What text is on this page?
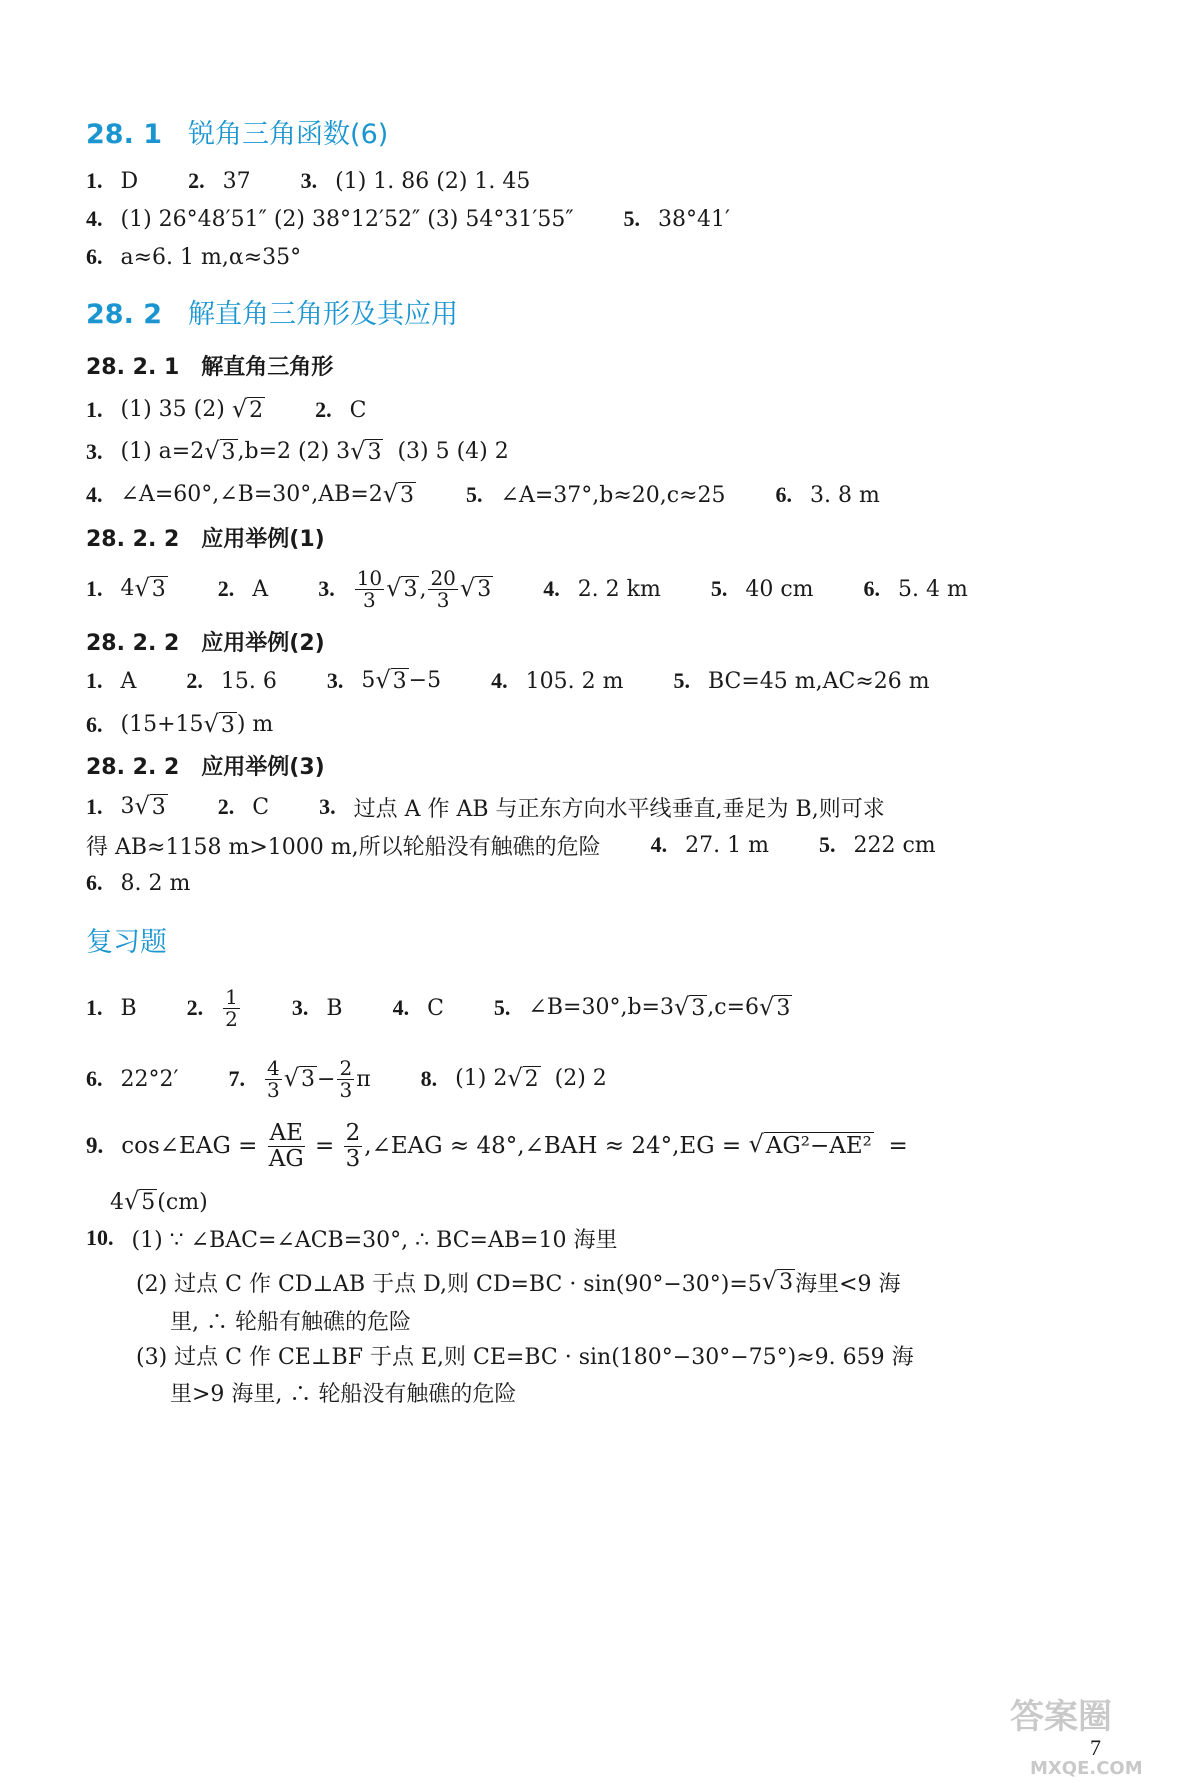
28. 1 锐角三角函数(6)
1. D 2. 37 3. (1) 1. 86 (2) 1. 45
4. (1) 26°48′51″ (2) 38°12′52″ (3) 54°31′55″ 5. 38°41′
6. a≈6. 1 m,α≈35°
28. 2 解直角三角形及其应用
28. 2. 1 解直角三角形
1. (1) 35 (2)
√ 2 2. C
3. (1) a=2 √ 3 ,b=2 (2) 3 √ 3
(3) 5 (4) 2
4. ∠A=60°,∠B=30°,AB=2 √ 3 5. ∠A=37°,b≈20,c≈25 6. 3. 8 m
28. 2. 2 应用举例(1)
1. 4 √ 3 2. A 3. $\frac{10}{3}$ √ 3 , $\frac{20}{3}$ √ 3 4. 2. 2 km 5. 40 cm 6. 5. 4 m
28. 2. 2 应用举例(2)
1. A 2. 15. 6 3. 5 √ 3 −5 4. 105. 2 m 5. BC=45 m,AC≈26 m
6. (15+15 √ 3 ) m
28. 2. 2 应用举例(3)
1. 3 √ 3 2. C 3. 过点 A 作 AB 与正东方向水平线垂直,垂足为 B,则可求
得 AB≈1158 m>1000 m,所以轮船没有触礁的危险 4. 27. 1 m 5. 222 cm
6. 8. 2 m
复习题
1. B 2. $\frac{1}{2} 3$. B 4. C 5. ∠B=30°,b=3 √ 3 ,c=6 √ 3
6. 22°2′ 7. $\frac{4}{3}$ √ $3 - \frac{2}{3}$ π 8. (1) 2 √ 2
(2) 2
9. cos∠EAG =
$\frac{AE}{AG}$
=
$\frac{2}{3}$ ,∠EAG ≈ 48°,∠BAH ≈ 24°,EG =
√ AG²−AE²
=
4 √ 5 (cm)
10. (1) ∵ ∠BAC=∠ACB=30°, ∴ BC=AB=10 海里
(2) 过点 C 作 CD⊥AB 于点 D,则 CD=BC · sin(90°−30°)=5 √ 3 海里<9 海
里, ∴ 轮船有触礁的危险
(3) 过点 C 作 CE⊥BF 于点 E,则 CE=BC · sin(180°−30°−75°)≈9. 659 海
里>9 海里, ∴ 轮船没有触礁的危险
答案圈
MXQE.COM
7
